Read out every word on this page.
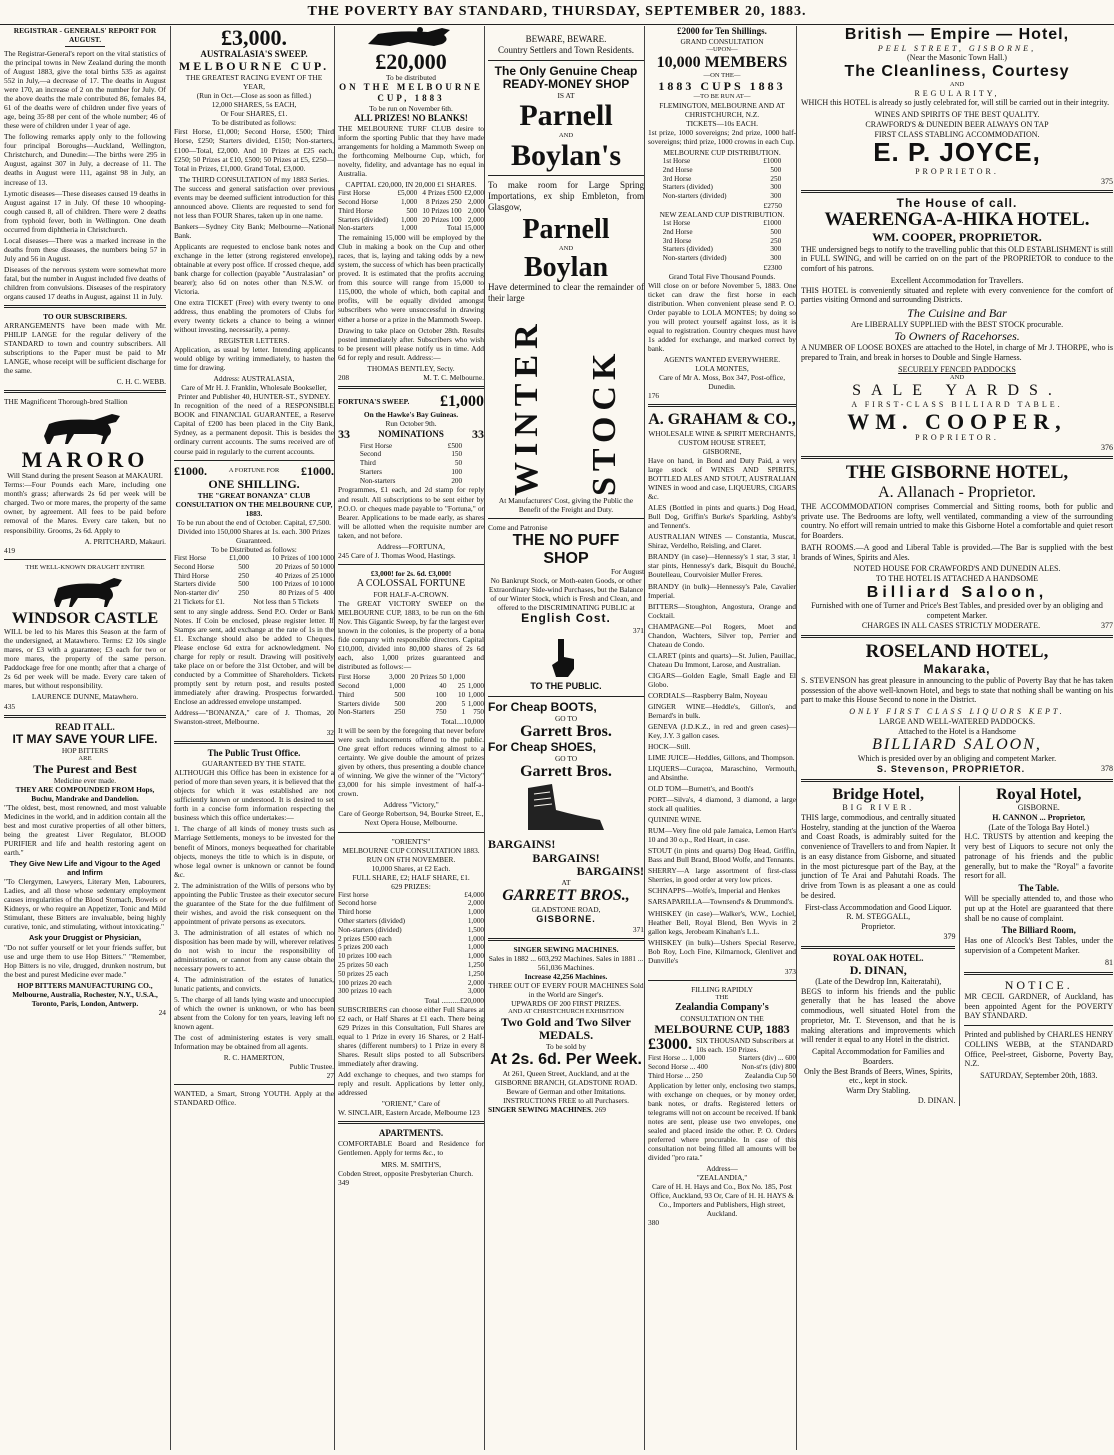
THE POVERTY BAY STANDARD, THURSDAY, SEPTEMBER 20, 1883.
REGISTRAR - GENERALS' REPORT FOR AUGUST.

The Registrar-General's report on the vital statistics of the principal towns in New Zealand during the month of August 1883, give the total births 535 as against 552 in July,—a decrease of 17. The deaths in August were 170, an increase of 2 on the number for July. Of the above deaths the male contributed 86, females 84, 61 of the deaths were of children under five years of age, being 35·88 per cent of the whole number; 46 of these were of children under 1 year of age.

The following remarks apply only to the following four principal Boroughs—Auckland, Wellington, Christchurch, and Dunedin:—The births were 295 in August, against 307 in July, a decrease of 11. The deaths in August were 111, against 98 in July, an increase of 13.

Lymotic diseases—These diseases caused 19 deaths in August against 17 in July. Of these 10 whooping-cough caused 8, all of children. There were 2 deaths from typhoid fever, both in Wellington. One death occurred from diphtheria in Christchurch.

Local diseases—There was a marked increase in the deaths from these diseases, the numbers being 57 in July and 56 in August.

Diseases of the nervous system were somewhat more fatal, but the number in August included five deaths of children from convulsions. Diseases of the respiratory organs caused 17 deaths in August, against 11 in July.

TO OUR SUBSCRIBERS.

ARRANGEMENTS have been made with Mr. PHILIP LANGE for the regular delivery of the STANDARD to town and country subscribers. All subscriptions to the Paper must be paid to Mr LANGE, whose receipt will be sufficient discharge for the same.

C. H. C. WEBB.
THE Magnificent Thorough-bred Stallion
MARORO
Will Stand during the present Season at MAKAURI.

Terms:—Four Pounds each Mare, including one month's grass; afterwards 2s 6d per week will be charged. Two or more mares, the property of the same owner, by agreement. All fees to be paid before removal of the Mares. Every care taken, but no responsibility. Grooms, 2s 6d. Apply to

A. PRITCHARD, Makauri.
419
THE WELL-KNOWN DRAUGHT ENTIRE
WINDSOR CASTLE

WILL be led to his Mares this Season at the farm of the undersigned, at Matawhero. Terms: £2 10s single mares, or £3 with a guarantee; £3 each for two or more mares, the property of the same person. Paddockage free for one month; after that a charge of 2s 6d per week will be made. Every care taken of mares, but without responsibility.

LAURENCE DUNNE, Matawhero.
435
READ IT ALL.
IT MAY SAVE YOUR LIFE.
HOP BITTERS
ARE
The Purest and Best
Medicine ever made.
THEY ARE COMPOUNDED FROM Hops, Buchu, Mandrake and Dandelion.

"The oldest, best, most renowned, and most valuable Medicines in the world, and in addition contain all the best and most curative properties of all other bitters, being the greatest Liver Regulator, BLOOD PURIFIER and life and health restoring agent on earth."

They Give New Life and Vigour to the Aged and Infirm

"To Clergymen, Lawyers, Literary Men, Labourers, Ladies, and all those whose sedentary employment causes irregularities of the Blood Stomach, Bowels or Kidneys, or who require an Appetizer, Tonic and Mild Stimulant, these Bitters are invaluable, being highly curative, tonic, and stimulating, without intoxicating."

Ask your Druggist or Physician,

"Do not suffer yourself or let your friends suffer, but use and urge them to use Hop Bitters." "Remember, Hop Bitters is no vile, drugged, drunken nostrum, but the best and purest Medicine ever made."

HOP BITTERS MANUFACTURING CO., Melbourne, Australia, Rochester, N.Y., U.S.A., Toronto, Paris, London, Antwerp.
24
£3,000.
AUSTRALASIA'S SWEEP.
MELBOURNE CUP.
THE GREATEST RACING EVENT OF THE YEAR,
(Run in Oct.—Close as soon as filled.)
12,000 SHARES, 5s EACH,
Or Four SHARES, £1.
To be distributed as follows:

First Horse, £1,000; Second Horse, £500; Third Horse, £250; Starters divided, £150; Non-starters, £100—Total, £2,000. And 10 Prizes at £25 each, £250; 50 Prizes at £10, £500; 50 Prizes at £5, £250—Total in Prizes, £1,000. Grand Total, £3,000.

The THIRD CONSULTATION of my 1883 Series.

The success and general satisfaction over previous events may be deemed sufficient introduction for this announced above. Clients are requested to send for not less than FOUR Shares, taken up in one name.

Bankers—Sydney City Bank; Melbourne—National Bank.

Applicants are requested to enclose bank notes and exchange in the letter (strong registered envelope), obtainable at every post office. If crossed cheque, add bank charge for collection (payable "Australasian" or bearer); also 6d on notes other than N.S.W. or Victoria.

One extra TICKET (Free) with every twenty to one address, thus enabling the promoters of Clubs for every twenty tickets a chance to being a winner without investing, necessarily, a penny.

REGISTER LETTERS.

Application, as usual by letter. Intending applicants would oblige by writing immediately, to hasten the time for drawing.

Address: AUSTRALASIA,
Care of Mr H. J. Franklin, Wholesale Bookseller, Printer and Publisher 40, HUNTER-ST., SYDNEY.

In recognition of the need of a RESPONSIBLE BOOK and FINANCIAL GUARANTEE, a Reserve Capital of £200 has been placed in the City Bank, Sydney, as a permanent deposit. This is besides the ordinary current accounts. The sums received are of course paid in regularly to the current accounts.

£1000.	A FORTUNE FOR £1000.
ONE SHILLING.
THE "GREAT BONANZA" CLUB CONSULTATION ON THE MELBOURNE CUP, 1883.
To be run about the end of October. Capital, £7,500. Divided into 150,000 Shares at 1s. each. 300 Prizes Guaranteed.
To be Distributed as follows:
First Horse	£1,000	10 Prizes of 100	1000
Second Horse	500	20 Prizes of 50	1000
Third Horse	250	40 Prizes of 25	1000
Starters divide	500	100 Prizes of 10	1000
Non-starter div'	250	80 Prizes of 5	400
21 Tickets for £1.		Not less than 5 Tickets	

sent to any single address. Send P.O. Order or Bank Notes. If Coin be enclosed, please register letter. If Stamps are sent, add exchange at the rate of 1s in the £1. Exchange should also be added to Cheques. Please enclose 6d extra for acknowledgment. No charge for reply or result. Drawing will positively take place on or before the 31st October, and will be conducted by a Committee of Shareholders. Tickets promptly sent by return post, and results posted immediately after drawing. Prospectus forwarded. Enclose an addressed envelope unstamped.

Address—"BONANZA," care of J. Thomas, 20 Swanston-street, Melbourne.

32
The Public Trust Office.
GUARANTEED BY THE STATE.

ALTHOUGH this Office has been in existence for a period of more than seven years, it is believed that the objects for which it was established are not sufficiently known or understood. It is desired to set forth in a concise form information respecting the business which this office undertakes:—

1. The charge of all kinds of money trusts such as Marriage Settlements, moneys to be invested for the benefit of Minors, moneys bequeathed for charitable objects, moneys the title to which is in dispute, or whose legal owner is unknown or cannot be found &c.

2. The administration of the Wills of persons who by appointing the Public Trustee as their executor secure the guarantee of the State for the due fulfilment of their wishes, and avoid the risk consequent on the appointment of private persons as executors.

3. The administration of all estates of which no disposition has been made by will, wherever relatives do not wish to incur the responsibility of administration, or cannot from any cause obtain the necessary powers to act.

4. The administration of the estates of lunatics, lunatic patients, and convicts.

5. The charge of all lands lying waste and unoccupied of which the owner is unknown, or who has been absent from the Colony for ten years, leaving left no known agent.

The cost of administering estates is very small. Information may be obtained from all agents.

R. C. HAMERTON,
Public Trustee.
27

WANTED, a Smart, Strong YOUTH. Apply at the STANDARD Office.

£20,000
To be distributed
ON THE MELBOURNE CUP, 1883
To be run on November 6th.
ALL PRIZES! NO BLANKS!

THE MELBOURNE TURF CLUB desire to inform the sporting Public that they have made arrangements for holding a Mammoth Sweep on the forthcoming Melbourne Cup, which, for novelty, fidelity, and advantage has no equal in Australia.

CAPITAL £20,000, IN 20,000 £1 SHARES.
First Horse	£5,000	4 Prizes £500	£2,000
Second Horse	1,000	8 Prizes 250	2,000
Third Horse	500	10 Prizes 100	2,000
Starters (divided)	1,000	20 Prizes 100	2,000
Non-starters	1,000	Total	15,000

The remaining 15,000 will be employed by the Club in making a book on the Cup and other races, that is, laying and taking odds by a new system, the success of which has been practically proved. It is estimated that the profits accruing from this source will range from 15,000 to 115,000, the whole of which, both capital and profits, will be equally divided amongst subscribers who were unsuccessful in drawing either a horse or a prize in the Mammoth Sweep.

Drawing to take place on October 28th. Results posted immediately after. Subscribers who wish to be present will please notify us in time. Add 6d for reply and result. Address:—

THOMAS BENTLEY, Secty.
208	M. T. C. Melbourne.
FORTUNA'S SWEEP. £1,000
On the Hawke's Bay Guineas.
Run October 9th.
33	NOMINATIONS 33
First Horse	£500
Second	150
Third	50
Starters	100
Non-starters	200

Programmes, £1 each, and 2d stamp for reply and result. All subscriptions to be sent either by P.O.O. or cheques made payable to "Fortuna," or Bearer. Applications to be made early, as shares will be allotted when the requisite number are taken, and not before.

Address—FORTUNA,
245 Care of J. Thomas Wood, Hastings.
£3,000! for 2s. 6d. £3,000!
A COLOSSAL FORTUNE
FOR HALF-A-CROWN.

The GREAT VICTORY SWEEP on the MELBOURNE CUP, 1883, to be run on the 6th Nov. This Gigantic Sweep, by far the largest ever known in the colonies, is the property of a bona fide company with responsible directors. Capital £10,000, divided into 80,000 shares of 2s 6d each, also 1,000 prizes guaranteed and distributed as follows:—

First Horse	3,000	20 Prizes 50	1,000	
Second	1,000	40	25	1,000
Third	500	100	10	1,000
Starters divide	500	200	5	1,000
Non-Starters	250	750	1	750
Total....10,000

It will be seen by the foregoing that never before were such inducements offered to the public. One great effort reduces winning almost to a certainty. We give double the amount of prizes given by others, thus presenting a double chance of winning. We give the winner of the "Victory" £3,000 for his simple investment of half-a-crown.

Address "Victory,"
Care of George Robertson, 94, Bourke Street, E., Next Opera House, Melbourne.
"ORIENT'S"
MELBOURNE CUP CONSULTATION 1883.
RUN ON 6TH NOVEMBER.
10,000 Shares, at £2 Each.
FULL SHARE, £2; HALF SHARE, £1.
629 PRIZES:
First horse	£4,000
Second horse	2,000
Third horse	1,000
Other starters (divided)	1,000
Non-starters (divided)	1,500
2 prizes £500 each	1,000
5 prizes 200 each	1,000
10 prizes 100 each	1,000
25 prizes 50 each	1,250
50 prizes 25 each	1,250
100 prizes 20 each	2,000
300 prizes 10 each	3,000
Total ..........£20,000

SUBSCRIBERS can choose either Full Shares at £2 each, or Half Shares at £1 each. There being 629 Prizes in this Consultation, Full Shares are equal to 1 Prize in every 16 Shares, or 2 Half-shares (different numbers) to 1 Prize in every 8 Shares. Result slips posted to all Subscribers immediately after drawing.

Add exchange to cheques, and two stamps for reply and result. Applications by letter only, addressed

"ORIENT," Care of
W. SINCLAIR, Eastern Arcade, Melbourne 123
APARTMENTS.

COMFORTABLE Board and Residence for Gentlemen. Apply for terms &c., to

MRS. M. SMITH'S,
Cobden Street, opposite Presbyterian Church. 349
BEWARE, BEWARE.
Country Settlers and Town Residents.
The Only Genuine Cheap READY-MONEY SHOP
IS AT
Parnell
AND
Boylan's

To make room for Large Spring Importations, ex ship Embleton, from Glasgow,

Parnell
AND
Boylan

Have determined to clear the remainder of their large

WINTER STOCK
At Manufacturers' Cost, giving the Public the Benefit of the Freight and Duty.
Come and Patronise
THE NO PUFF SHOP
For August
No Bankrupt Stock, or Moth-eaten Goods, or other Extraordinary Side-wind Purchases, but the Balance of our Winter Stock, which is Fresh and Clean, and offered to the DISCRIMINATING PUBLIC at
English Cost.
371
TO THE PUBLIC.
For Cheap BOOTS,
GO TO
Garrett Bros.
For Cheap SHOES,
GO TO
Garrett Bros.
BARGAINS!
BARGAINS!
BARGAINS!
AT
GARRETT BROS.,
GLADSTONE ROAD,
GISBORNE.
371
SINGER SEWING MACHINES.
Sales in 1882 ... 603,292 Machines. Sales in 1881 ... 561,036 Machines.
Increase 42,256 Machines.
THREE OUT OF EVERY FOUR MACHINES Sold in the World are Singer's.
UPWARDS OF 200 FIRST PRIZES.
AND AT CHRISTCHURCH EXHIBITION
Two Gold and Two Silver MEDALS.
To be sold by
At 2s. 6d. Per Week.
At 261, Queen Street, Auckland, and at the GISBORNE BRANCH, GLADSTONE ROAD.
Beware of German and other Imitations.
INSTRUCTIONS FREE to all Purchasers.
SINGER SEWING MACHINES. 269
£2000 for Ten Shillings.
GRAND CONSULTATION
—UPON—
10,000 MEMBERS
—ON THE—
1883 CUPS 1883
—TO BE RUN AT—
FLEMINGTON, MELBOURNE AND AT CHRISTCHURCH, N.Z.
TICKETS—10s EACH.

1st prize, 1000 sovereigns; 2nd prize, 1000 half-sovereigns; third prize, 1000 crowns in each Cup.

MELBOURNE CUP DISTRIBUTION.
1st Horse	£1000
2nd Horse	500
3rd Horse	250
Starters (divided)	300
Non-starters (divided)	300
£2750
NEW ZEALAND CUP DISTRIBUTION.
1st Horse	£1000
2nd Horse	500
3rd Horse	250
Starters (divided)	300
Non-starters (divided)	300
£2300
Grand Total Five Thousand Pounds.

Will close on or before November 5, 1883. One ticket can draw the first horse in each distribution. When convenient please send P. O. Order payable to LOLA MONTES; by doing so you will protect yourself against loss, as it is equal to registration. Country cheques must have 1s added for exchange, and marked correct by bank.

AGENTS WANTED EVERYWHERE.
LOLA MONTES,
Care of Mr A. Moss, Box 347, Post-office, Dunedin.
176
A. GRAHAM & CO.,
WHOLESALE WINE & SPIRIT MERCHANTS,
CUSTOM HOUSE STREET,
GISBORNE,

Have on hand, in Bond and Duty Paid, a very large stock of WINES AND SPIRITS, BOTTLED ALES AND STOUT, AUSTRALIAN WINES in wood and case, LIQUEURS, CIGARS &c.

ALES (Bottled in pints and quarts.) Dog Head, Bull Dog, Griffin's Burke's Sparkling, Ashby's and Tennent's.

AUSTRALIAN WINES — Constantia, Muscat, Shiraz, Verdelho, Reisling, and Claret.

BRANDY (in case)—Hennessy's 1 star, 3 star, 1 star pints, Hennessy's dark, Bisquit du Bouché, Boutelleau, Courvoisier Muller Freres.

BRANDY (in bulk)—Hennessy's Pale, Cavalier Imperial.

BITTERS—Stoughton, Angostura, Orange and Cocktail.

CHAMPAGNE—Pol Rogers, Moet and Chandon, Wachters, Silver top, Perrier and Chateau de Condo.

CLARET (pints and quarts)—St. Julien, Pauillac, Chateau Du Immont, Larose, and Australian.

CIGARS—Golden Eagle, Small Eagle and El Globo.

CORDIALS—Raspberry Balm, Noyeau

GINGER WINE—Heddle's, Gillon's, and Bernard's in bulk.

GENEVA (J.D.K.Z., in red and green cases)—Key, J.Y. 3 gallon cases.

HOCK—Still.

LIME JUICE—Heddles, Gillons, and Thompson.

LIQUERS—Curaçoa, Maraschino, Vermouth, and Absinthe.

OLD TOM—Burnett's, and Booth's

PORT—Silva's, 4 diamond, 3 diamond, a large stock all qualities.

QUININE WINE.

RUM—Very fine old pale Jamaica, Lemon Hart's 10 and 30 o.p., Red Heart, in case.

STOUT (in pints and quarts) Dog Head, Griffin, Bass and Bull Brand, Blood Wolfe, and Tennants.

SHERRY—A large assortment of first-class Sherries, in good order at very low prices.

SCHNAPPS—Wolfe's, Imperial and Henkes

SARSAPARILLA—Townsend's & Drummond's.

WHISKEY (in case)—Walker's, W.W., Lochiel, Heather Bell, Royal Blend, Ben Wyvis in 2 gallon kegs, Jerobeam Kinahan's L.L.

WHISKEY (in bulk)—Ushers Special Reserve, Bob Roy, Loch Fine, Kilmarnock, Glenlivet and Dunville's

373
FILLING RAPIDLY
THE
Zealandia Company's
CONSULTATION ON THE
MELBOURNE CUP, 1883
£3000. SIX THOUSAND Subscribers at 10s each. 150 Prizes.
First Horse ... 1,000	Starters (div) ... 600
Second Horse ... 400	Non-st'rs (div) 800
Third Horse ... 250	Zealandia Cup 50

Application by letter only, enclosing two stamps, with exchange on cheques, or by money order, bank notes, or drafts. Registered letters or telegrams will not on account be received. If bank notes are sent, please use two envelopes, one sealed and placed inside the other. P. O. Orders preferred where procurable. In case of this consultation not being filled all amounts will be divided "pro rata."

Address—
"ZEALANDIA,"
Care of H. H. Hays and Co., Box No. 185, Post Office, Auckland, 93 Or, Care of H. H. HAYS & Co., Importers and Publishers, High street, Auckland.
380
British — Empire — Hotel,
PEEL STREET, GISBORNE,
(Near the Masonic Town Hall.)
The Cleanliness, Courtesy
AND
REGULARITY,

WHICH this HOTEL is already so justly celebrated for, will still be carried out in their integrity.

WINES AND SPIRITS OF THE BEST QUALITY.
CRAWFORD'S & DUNEDIN BEER ALWAYS ON TAP
FIRST CLASS STABLING ACCOMMODATION.
E. P. JOYCE,
PROPRIETOR.
375
The House of call.
WAERENGA-A-HIKA HOTEL.
WM. COOPER, PROPRIETOR.

THE undersigned begs to notify to the travelling public that this OLD ESTABLISHMENT is still in FULL SWING, and will be carried on on the part of the PROPRIETOR to conduce to the comfort of his patrons.

Excellent Accommodation for Travellers.

THIS HOTEL is conveniently situated and replete with every convenience for the comfort of parties visiting Ormond and surrounding Districts.

The Cuisine and Bar
Are LIBERALLY SUPPLIED with the BEST STOCK procurable.
To Owners of Racehorses.

A NUMBER OF LOOSE BOXES are attached to the Hotel, in charge of Mr J. THORPE, who is prepared to Train, and break in horses to Double and Single Harness.

SECURELY FENCED PADDOCKS
AND
SALE YARDS.
A FIRST-CLASS BILLIARD TABLE.
WM. COOPER,
PROPRIETOR.
376
THE GISBORNE HOTEL,
A. Allanach - Proprietor.

THE ACCOMMODATION comprises Commercial and Sitting rooms, both for public and private use. The Bedrooms are lofty, well ventilated, commanding a view of the surrounding country. No effort will remain untried to make this Gisborne Hotel a comfortable and quiet resort for Boarders.

BATH ROOMS.—A good and Liberal Table is provided.—The Bar is supplied with the best brands of Wines, Spirits and Ales.

NOTED HOUSE FOR CRAWFORD'S AND DUNEDIN ALES.
TO THE HOTEL IS ATTACHED A HANDSOME
Billiard Saloon,
Furnished with one of Turner and Price's Best Tables, and presided over by an obliging and competent Marker.
CHARGES IN ALL CASES STRICTLY MODERATE.	377
ROSELAND HOTEL,
Makaraka,

S. STEVENSON has great pleasure in announcing to the public of Poverty Bay that he has taken possession of the above well-known Hotel, and begs to state that nothing shall be wanting on his part to make this House Second to none in the District.

ONLY FIRST CLASS LIQUORS KEPT.
LARGE AND WELL-WATERED PADDOCKS.
Attached to the Hotel is a Handsome
BILLIARD SALOON,
Which is presided over by an obliging and competent Marker.
S. Stevenson, PROPRIETOR.	378
Bridge Hotel,
BIG RIVER.

THIS large, commodious, and centrally situated Hostelry, standing at the junction of the Waeroa and Coast Roads, is admirably suited for the convenience of Travellers to and from Napier. It is an easy distance from Gisborne, and situated in the most picturesque part of the Bay, at the junction of Te Arai and Pahutahi Roads. The drive from Town is as pleasant a one as could be desired.

First-class Accommodation and Good Liquor.
R. M. STEGGALL,
Proprietor.
379
ROYAL OAK HOTEL.
D. DINAN,
(Late of the Dewdrop Inn, Kaiteratahi),

BEGS to inform his friends and the public generally that he has leased the above commodious, well situated Hotel from the proprietor, Mr. T. Stevenson, and that he is making alterations and improvements which will render it equal to any Hotel in the district.

Capital Accommodation for Families and Boarders.
Only the Best Brands of Beers, Wines, Spirits, etc., kept in stock.
Warm Dry Stabling.
D. DINAN.
Royal Hotel,
GISBORNE.
H. CANNON ... Proprietor,
(Late of the Tologa Bay Hotel.)

H.C. TRUSTS by attention and keeping the very best of Liquors to secure not only the patronage of his friends and the public generally, but to make the "Royal" a favorite resort for all.

The Table.

Will be specially attended to, and those who put up at the Hotel are guaranteed that there shall be no cause of complaint.

The Billiard Room,

Has one of Alcock's Best Tables, under the supervision of a Competent Marker.

81
NOTICE.

MR CECIL GARDNER, of Auckland, has been appointed Agent for the POVERTY BAY STANDARD.

Printed and published by CHARLES HENRY COLLINS WEBB, at the STANDARD Office, Peel-street, Gisborne, Poverty Bay, N.Z.

SATURDAY, September 20th, 1883.
